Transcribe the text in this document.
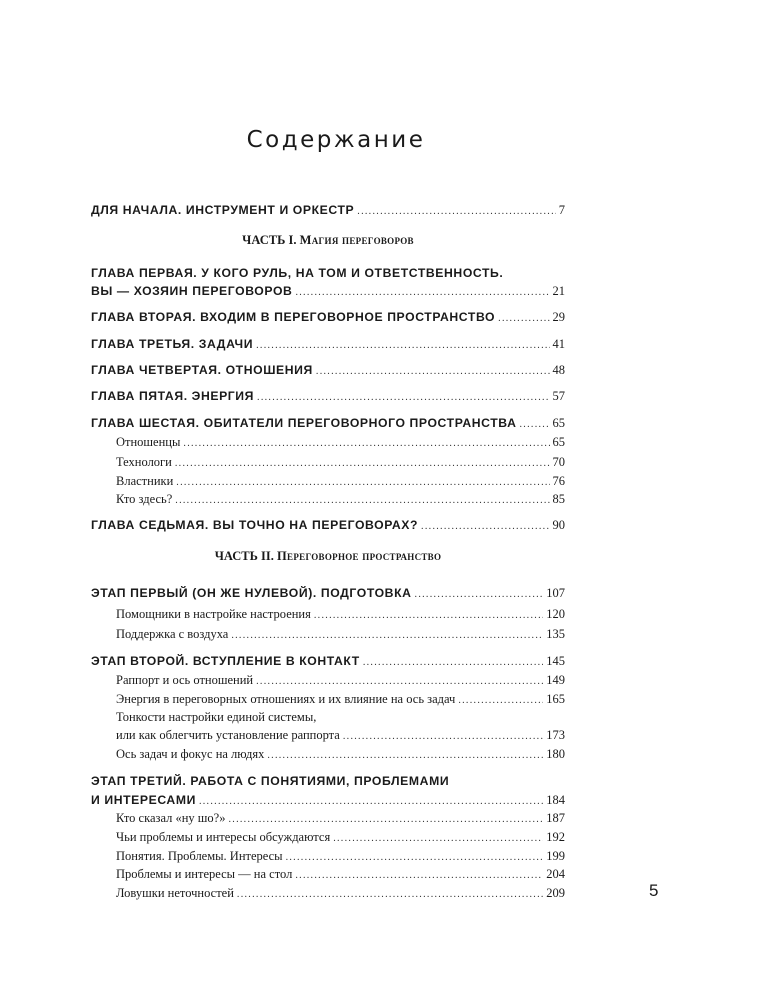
Содержание
ДЛЯ НАЧАЛА. ИНСТРУМЕНТ И ОРКЕСТР . . .	7
ЧАСТЬ I. Магия переговоров
ГЛАВА ПЕРВАЯ. У КОГО РУЛЬ, НА ТОМ И ОТВЕТСТВЕННОСТЬ.
ВЫ — ХОЗЯИН ПЕРЕГОВОРОВ . . .	21
ГЛАВА ВТОРАЯ. ВХОДИМ В ПЕРЕГОВОРНОЕ ПРОСТРАНСТВО . . .	29
ГЛАВА ТРЕТЬЯ. ЗАДАЧИ . . .	41
ГЛАВА ЧЕТВЕРТАЯ. ОТНОШЕНИЯ . . .	48
ГЛАВА ПЯТАЯ. ЭНЕРГИЯ . . .	57
ГЛАВА ШЕСТАЯ. ОБИТАТЕЛИ ПЕРЕГОВОРНОГО ПРОСТРАНСТВА . . .	65
Отношенцы . . .	65
Технологи . . .	70
Властники . . .	76
Кто здесь? . . .	85
ГЛАВА СЕДЬМАЯ. ВЫ ТОЧНО НА ПЕРЕГОВОРАХ? . . .	90
ЧАСТЬ II. Переговорное пространство
ЭТАП ПЕРВЫЙ (ОН ЖЕ НУЛЕВОЙ). ПОДГОТОВКА . . .	107
Помощники в настройке настроения . . .	120
Поддержка с воздуха . . .	135
ЭТАП ВТОРОЙ. ВСТУПЛЕНИЕ В КОНТАКТ . . .	145
Раппорт и ось отношений . . .	149
Энергия в переговорных отношениях и их влияние на ось задач . . .	165
Тонкости настройки единой системы,
или как облегчить установление раппорта . . .	173
Ось задач и фокус на людях . . .	180
ЭТАП ТРЕТИЙ. РАБОТА С ПОНЯТИЯМИ, ПРОБЛЕМАМИ
И ИНТЕРЕСАМИ . . .	184
Кто сказал «ну шо?» . . .	187
Чьи проблемы и интересы обсуждаются . . .	192
Понятия. Проблемы. Интересы . . .	199
Проблемы и интересы — на стол . . .	204
Ловушки неточностей . . .	209	5
